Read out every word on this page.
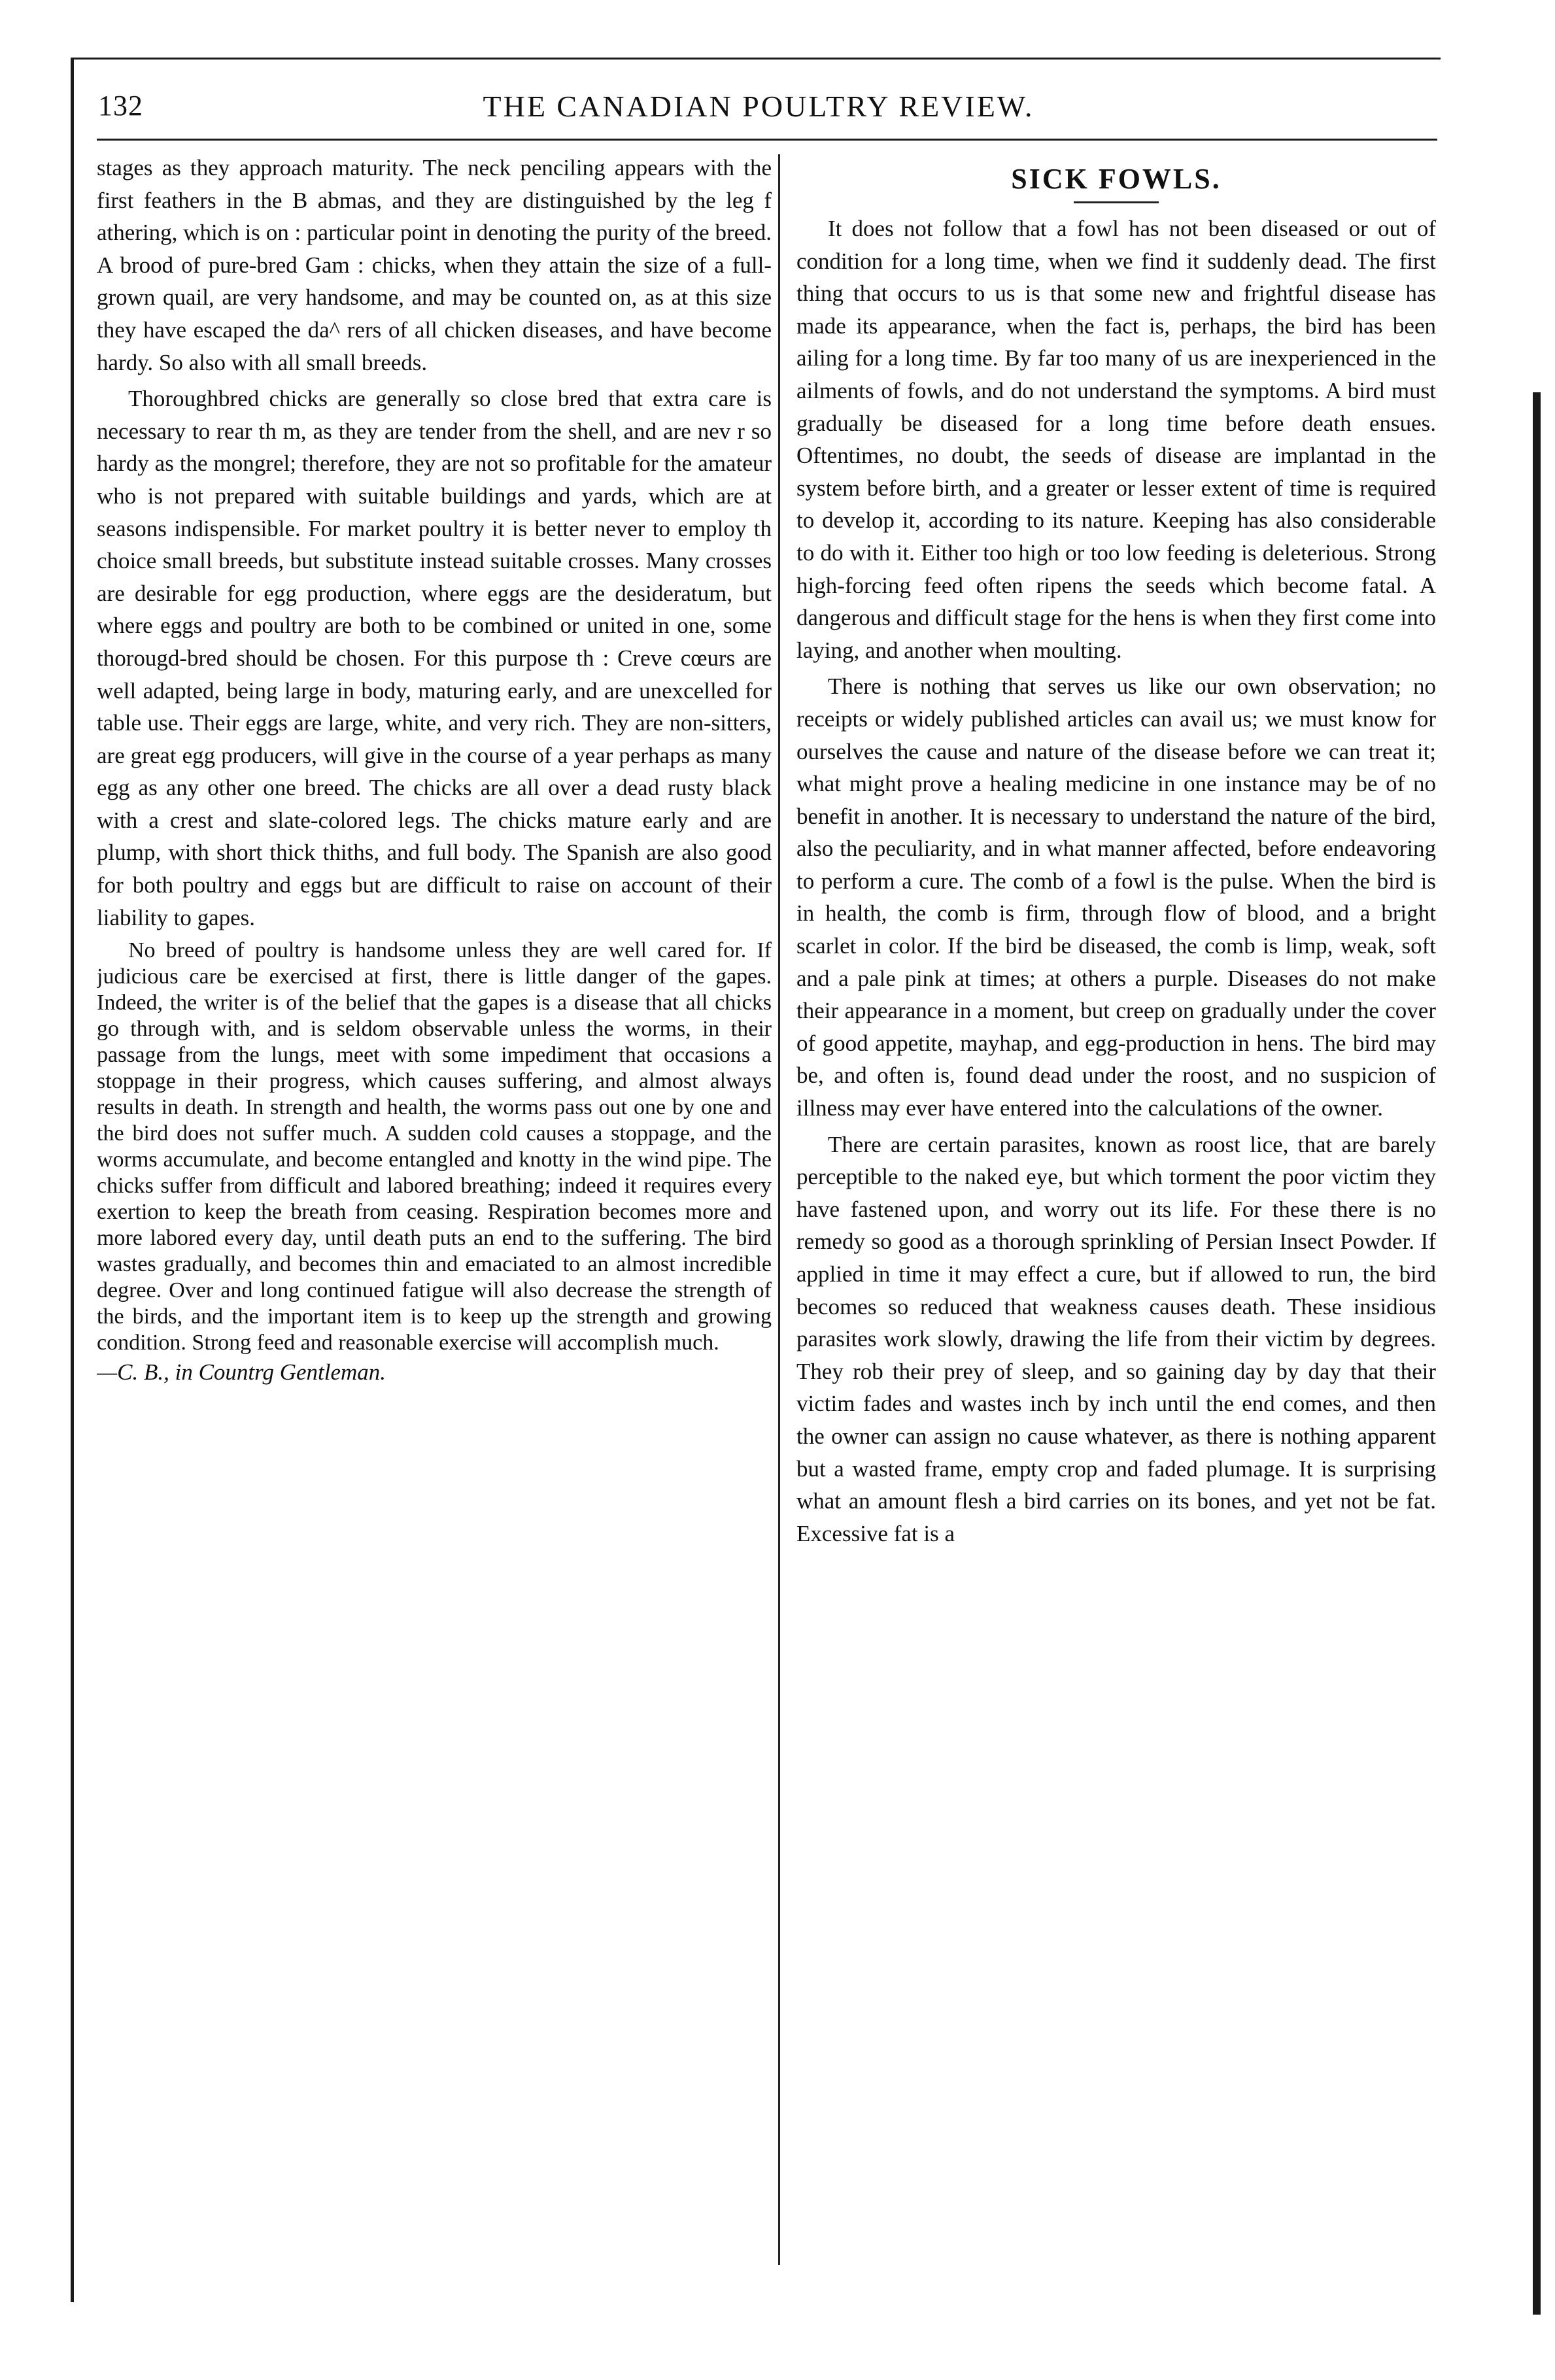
132	THE CANADIAN POULTRY REVIEW.

stages as they approach maturity. The neck penciling appears with the first feathers in the B abmas, and they are distinguished by the leg f athering, which is on : particular point in denoting the purity of the breed. A brood of pure-bred Gam : chicks, when they attain the size of a full-grown quail, are very handsome, and may be counted on, as at this size they have escaped the da^ rers of all chicken diseases, and have become hardy. So also with all small breeds.

Thoroughbred chicks are generally so close bred that extra care is necessary to rear th m, as they are tender from the shell, and are nev r so hardy as the mongrel; therefore, they are not so profitable for the amateur who is not prepared with suitable buildings and yards, which are at seasons indispensible. For market poultry it is better never to employ th choice small breeds, but substitute instead suitable crosses. Many crosses are desirable for egg production, where eggs are the desideratum, but where eggs and poultry are both to be combined or united in one, some thorougd-bred should be chosen. For this purpose th : Creve cœurs are well adapted, being large in body, maturing early, and are unexcelled for table use. Their eggs are large, white, and very rich. They are non-sitters, are great egg producers, will give in the course of a year perhaps as many egg as any other one breed. The chicks are all over a dead rusty black with a crest and slate-colored legs. The chicks mature early and are plump, with short thick thiths, and full body. The Spanish are also good for both poultry and eggs but are difficult to raise on account of their liability to gapes.

No breed of poultry is handsome unless they are well cared for. If judicious care be exercised at first, there is little danger of the gapes. Indeed, the writer is of the belief that the gapes is a disease that all chicks go through with, and is seldom observable unless the worms, in their passage from the lungs, meet with some impediment that occasions a stoppage in their progress, which causes suffering, and almost always results in death. In strength and health, the worms pass out one by one and the bird does not suffer much. A sudden cold causes a stoppage, and the worms accumulate, and become entangled and knotty in the wind pipe. The chicks suffer from difficult and labored breathing; indeed it requires every exertion to keep the breath from ceasing. Respiration becomes more and more labored every day, until death puts an end to the suffering. The bird wastes gradually, and becomes thin and emaciated to an almost incredible degree. Over and long continued fatigue will also decrease the strength of the birds, and the important item is to keep up the strength and growing condition. Strong feed and reasonable exercise will accomplish much.

—C. B., in Countrg Gentleman.

SICK FOWLS.

It does not follow that a fowl has not been diseased or out of condition for a long time, when we find it suddenly dead. The first thing that occurs to us is that some new and frightful disease has made its appearance, when the fact is, perhaps, the bird has been ailing for a long time. By far too many of us are inexperienced in the ailments of fowls, and do not understand the symptoms. A bird must gradually be diseased for a long time before death ensues. Oftentimes, no doubt, the seeds of disease are implantad in the system before birth, and a greater or lesser extent of time is required to develop it, according to its nature. Keeping has also considerable to do with it. Either too high or too low feeding is deleterious. Strong high-forcing feed often ripens the seeds which become fatal. A dangerous and difficult stage for the hens is when they first come into laying, and another when moulting.

There is nothing that serves us like our own observation; no receipts or widely published articles can avail us; we must know for ourselves the cause and nature of the disease before we can treat it; what might prove a healing medicine in one instance may be of no benefit in another. It is necessary to understand the nature of the bird, also the peculiarity, and in what manner affected, before endeavoring to perform a cure. The comb of a fowl is the pulse. When the bird is in health, the comb is firm, through flow of blood, and a bright scarlet in color. If the bird be diseased, the comb is limp, weak, soft and a pale pink at times; at others a purple. Diseases do not make their appearance in a moment, but creep on gradually under the cover of good appetite, mayhap, and egg-production in hens. The bird may be, and often is, found dead under the roost, and no suspicion of illness may ever have entered into the calculations of the owner.

There are certain parasites, known as roost lice, that are barely perceptible to the naked eye, but which torment the poor victim they have fastened upon, and worry out its life. For these there is no remedy so good as a thorough sprinkling of Persian Insect Powder. If applied in time it may effect a cure, but if allowed to run, the bird becomes so reduced that weakness causes death. These insidious parasites work slowly, drawing the life from their victim by degrees. They rob their prey of sleep, and so gaining day by day that their victim fades and wastes inch by inch until the end comes, and then the owner can assign no cause whatever, as there is nothing apparent but a wasted frame, empty crop and faded plumage. It is surprising what an amount flesh a bird carries on its bones, and yet not be fat. Excessive fat is a
